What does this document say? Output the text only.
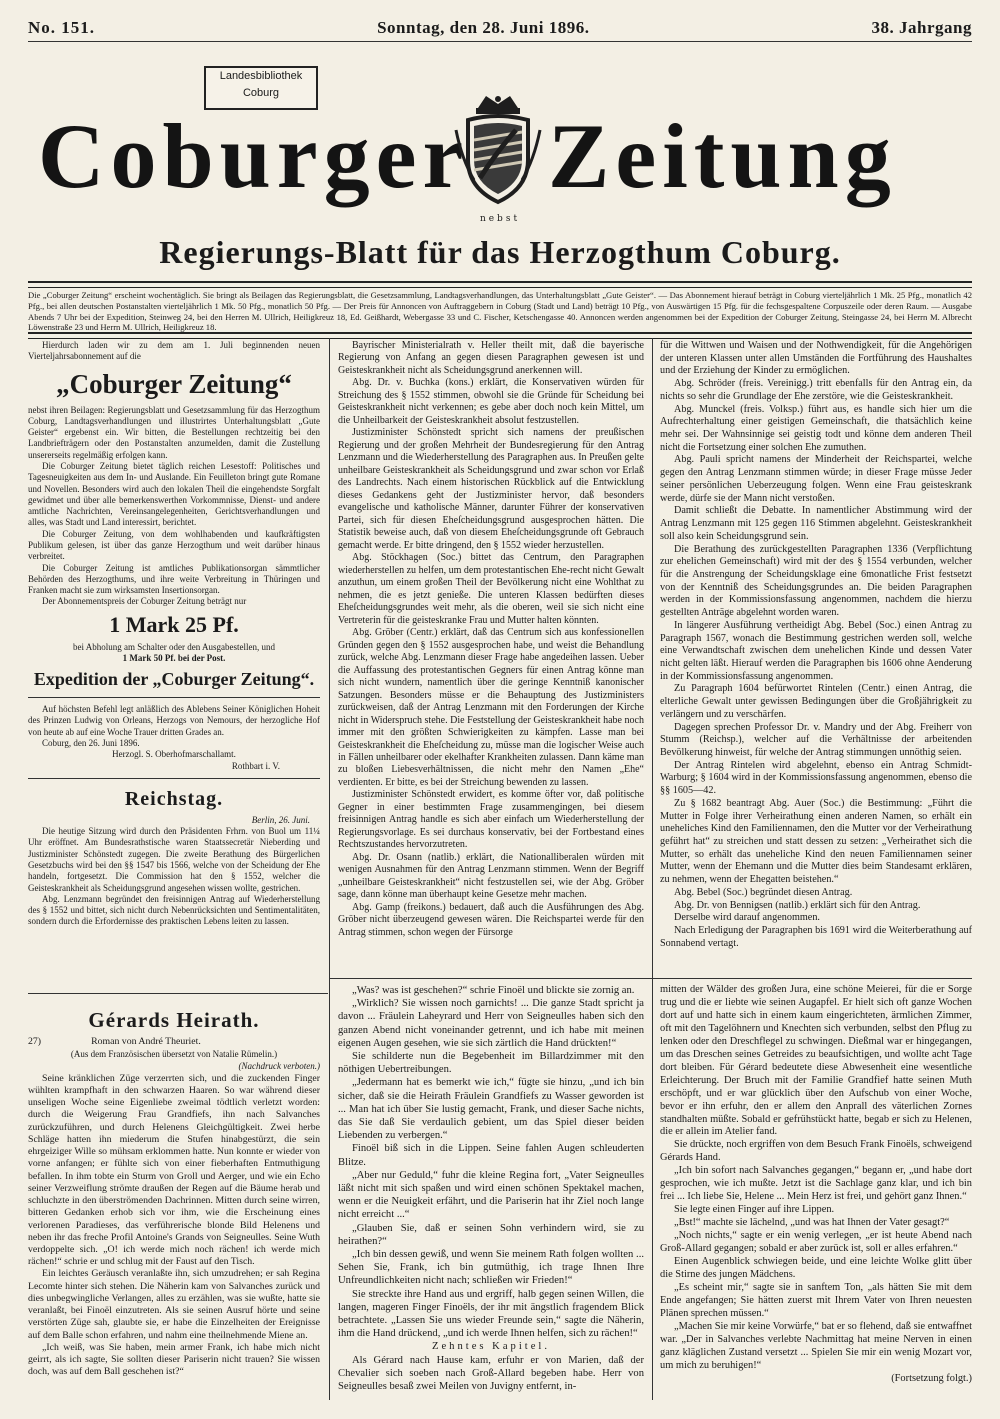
No. 151.	Sonntag, den 28. Juni 1896.	38. Jahrgang
Landesbibliothek
Coburg
Coburger Zeitung
nebst
Regierungs-Blatt für das Herzogthum Coburg.
Die „Coburger Zeitung“ erscheint wochentäglich. Sie bringt als Beilagen das Regierungsblatt, die Gesetzsammlung, Landtagsverhandlungen, das Unterhaltungsblatt „Gute Geister“. — Das Abonnement hierauf beträgt in Coburg vierteljährlich 1 Mk. 25 Pfg., monatlich 42 Pfg., bei allen deutschen Postanstalten vierteljährlich 1 Mk. 50 Pfg., monatlich 50 Pfg. — Der Preis für Annoncen von Auftraggebern in Coburg (Stadt und Land) beträgt 10 Pfg., von Auswärtigen 15 Pfg. für die fechsgespaltene Corpuszeile oder deren Raum. — Ausgabe Abends 7 Uhr bei der Expedition, Steinweg 24, bei den Herren M. Ullrich, Heiligkreuz 18, Ed. Geißhardt, Webergasse 33 und C. Fischer, Ketschengasse 40. Annoncen werden angenommen bei der Expedition der Coburger Zeitung, Steingasse 24, bei Herrn M. Albrecht Löwenstraße 23 und Herrn M. Ullrich, Heiligkreuz 18.

Hierdurch laden wir zu dem am 1. Juli beginnenden neuen Vierteljahrsabonnement auf die

„Coburger Zeitung“

nebst ihren Beilagen: Regierungsblatt und Gesetzsammlung für das Herzogthum Coburg, Landtagsverhandlungen und illustrirtes Unterhaltungsblatt „Gute Geister“ ergebenst ein. Wir bitten, die Bestellungen rechtzeitig bei den Landbriefträgern oder den Postanstalten anzumelden, damit die Zustellung unsererseits regelmäßig erfolgen kann.

Die Coburger Zeitung bietet täglich reichen Lesestoff: Politisches und Tagesneuigkeiten aus dem In- und Auslande. Ein Feuilleton bringt gute Romane und Novellen. Besonders wird auch den lokalen Theil die eingehendste Sorgfalt gewidmet und über alle bemerkenswerthen Vorkommnisse, Dienst- und andere amtliche Nachrichten, Vereinsangelegenheiten, Gerichtsverhandlungen und alles, was Stadt und Land interessirt, berichtet.

Die Coburger Zeitung, von dem wohlhabenden und kaufkräftigsten Publikum gelesen, ist über das ganze Herzogthum und weit darüber hinaus verbreitet.

Die Coburger Zeitung ist amtliches Publikationsorgan sämmtlicher Behörden des Herzogthums, und ihre weite Verbreitung in Thüringen und Franken macht sie zum wirksamsten Insertionsorgan.

Der Abonnementspreis der Coburger Zeitung beträgt nur

1 Mark 25 Pf.
bei Abholung am Schalter oder den Ausgabestellen, und
1 Mark 50 Pf. bei der Post.
Expedition der „Coburger Zeitung“.

Auf höchsten Befehl legt anläßlich des Ablebens Seiner Königlichen Hoheit des Prinzen Ludwig von Orleans, Herzogs von Nemours, der herzogliche Hof von heute ab auf eine Woche Trauer dritten Grades an.

Coburg, den 26. Juni 1896.

Herzogl. S. Oberhofmarschallamt.
Rothbart i. V.
Reichstag.
Berlin, 26. Juni.

Die heutige Sitzung wird durch den Präsidenten Frhrn. von Buol um 11¼ Uhr eröffnet. Am Bundesrathstische waren Staatssecretär Nieberding und Justizminister Schönstedt zugegen. Die zweite Berathung des Bürgerlichen Gesetzbuchs wird bei den §§ 1547 bis 1566, welche von der Scheidung der Ehe handeln, fortgesetzt. Die Commission hat den § 1552, welcher die Geisteskrankheit als Scheidungsgrund angesehen wissen wollte, gestrichen.

Abg. Lenzmann begründet den freisinnigen Antrag auf Wiederherstellung des § 1552 und bittet, sich nicht durch Nebenrücksichten und Sentimentalitäten, sondern durch die Erfordernisse des praktischen Lebens leiten zu lassen.

Bayrischer Ministerialrath v. Heller theilt mit, daß die bayerische Regierung von Anfang an gegen diesen Paragraphen gewesen ist und Geisteskrankheit nicht als Scheidungsgrund anerkennen will.

Abg. Dr. v. Buchka (kons.) erklärt, die Konservativen würden für Streichung des § 1552 stimmen, obwohl sie die Gründe für Scheidung bei Geisteskrankheit nicht verkennen; es gebe aber doch noch kein Mittel, um die Unheilbarkeit der Geisteskrankheit absolut festzustellen.

Justizminister Schönstedt spricht sich namens der preußischen Regierung und der großen Mehrheit der Bundesregierung für den Antrag Lenzmann und die Wiederherstellung des Paragraphen aus. In Preußen gelte unheilbare Geisteskrankheit als Scheidungsgrund und zwar schon vor Erlaß des Landrechts. Nach einem historischen Rückblick auf die Entwicklung dieses Gedankens geht der Justizminister hervor, daß besonders evangelische und katholische Männer, darunter Führer der konservativen Partei, sich für diesen Eheſcheidungsgrund ausgesprochen hätten. Die Statistik beweise auch, daß von diesem Eheſcheidungsgrunde oft Gebrauch gemacht werde. Er bitte dringend, den § 1552 wieder herzustellen.

Abg. Stöckhagen (Soc.) bittet das Centrum, den Paragraphen wiederherstellen zu helfen, um dem protestantischen Ehe-recht nicht Gewalt anzuthun, um einem großen Theil der Bevölkerung nicht eine Wohlthat zu nehmen, die es jetzt genieße. Die unteren Klassen bedürften dieses Eheſcheidungsgrundes weit mehr, als die oberen, weil sie sich nicht eine Vertreterin für die geisteskranke Frau und Mutter halten könnten.

Abg. Gröber (Centr.) erklärt, daß das Centrum sich aus konfessionellen Gründen gegen den § 1552 ausgesprochen habe, und weist die Behandlung zurück, welche Abg. Lenzmann dieser Frage habe angedeihen lassen. Ueber die Auffassung des protestantischen Gegners für einen Antrag könne man sich nicht wundern, namentlich über die geringe Kenntniß kanonischer Satzungen. Besonders müsse er die Behauptung des Justizministers zurückweisen, daß der Antrag Lenzmann mit den Forderungen der Kirche nicht in Widerspruch stehe. Die Feststellung der Geisteskrankheit habe noch immer mit den größten Schwierigkeiten zu kämpfen. Lasse man bei Geisteskrankheit die Eheſcheidung zu, müsse man die logischer Weise auch in Fällen unheilbarer oder ekelhafter Krankheiten zulassen. Dann käme man zu bloßen Liebesverhältnissen, die nicht mehr den Namen „Ehe“ verdienten. Er bitte, es bei der Streichung bewenden zu lassen.

Justizminister Schönstedt erwidert, es komme öfter vor, daß politische Gegner in einer bestimmten Frage zusammengingen, bei diesem freisinnigen Antrag handle es sich aber einfach um Wiederherstellung der Regierungsvorlage. Es sei durchaus konservativ, bei der Fortbestand eines Rechtszustandes hervorzutreten.

Abg. Dr. Osann (natlib.) erklärt, die Nationalliberalen würden mit wenigen Ausnahmen für den Antrag Lenzmann stimmen. Wenn der Begriff „unheilbare Geisteskrankheit“ nicht festzustellen sei, wie der Abg. Gröber sage, dann könne man überhaupt keine Gesetze mehr machen.

Abg. Gamp (freikons.) bedauert, daß auch die Ausführungen des Abg. Gröber nicht überzeugend gewesen wären. Die Reichspartei werde für den Antrag stimmen, schon wegen der Fürsorge

für die Wittwen und Waisen und der Nothwendigkeit, für die Angehörigen der unteren Klassen unter allen Umständen die Fortführung des Haushaltes und der Erziehung der Kinder zu ermöglichen.

Abg. Schröder (freis. Vereinigg.) tritt ebenfalls für den Antrag ein, da nichts so sehr die Grundlage der Ehe zerstöre, wie die Geisteskrankheit.

Abg. Munckel (freis. Volksp.) führt aus, es handle sich hier um die Aufrechterhaltung einer geistigen Gemeinschaft, die thatsächlich keine mehr sei. Der Wahnsinnige sei geistig todt und könne dem anderen Theil nicht die Fortsetzung einer solchen Ehe zumuthen.

Abg. Pauli spricht namens der Minderheit der Reichspartei, welche gegen den Antrag Lenzmann stimmen würde; in dieser Frage müsse Jeder seiner persönlichen Ueberzeugung folgen. Wenn eine Frau geisteskrank werde, dürfe sie der Mann nicht verstoßen.

Damit schließt die Debatte. In namentlicher Abstimmung wird der Antrag Lenzmann mit 125 gegen 116 Stimmen abgelehnt. Geisteskrankheit soll also kein Scheidungsgrund sein.

Die Berathung des zurückgestellten Paragraphen 1336 (Verpflichtung zur ehelichen Gemeinschaft) wird mit der des § 1554 verbunden, welcher für die Anstrengung der Scheidungsklage eine 6monatliche Frist festsetzt von der Kenntniß des Scheidungsgrundes an. Die beiden Paragraphen werden in der Kommissionsfassung angenommen, nachdem die hierzu gestellten Anträge abgelehnt worden waren.

In längerer Ausführung vertheidigt Abg. Bebel (Soc.) einen Antrag zu Paragraph 1567, wonach die Bestimmung gestrichen werden soll, welche eine Verwandtschaft zwischen dem unehelichen Kinde und dessen Vater nicht gelten läßt. Hierauf werden die Paragraphen bis 1606 ohne Aenderung in der Kommissionsfassung angenommen.

Zu Paragraph 1604 befürwortet Rintelen (Centr.) einen Antrag, die elterliche Gewalt unter gewissen Bedingungen über die Großjährigkeit zu verlängern und zu verschärfen.

Dagegen sprechen Professor Dr. v. Mandry und der Abg. Freiherr von Stumm (Reichsp.), welcher auf die Verhältnisse der arbeitenden Bevölkerung hinweist, für welche der Antrag stimmungen unnöthig seien.

Der Antrag Rintelen wird abgelehnt, ebenso ein Antrag Schmidt-Warburg; § 1604 wird in der Kommissionsfassung angenommen, ebenso die §§ 1605—42.

Zu § 1682 beantragt Abg. Auer (Soc.) die Bestimmung: „Führt die Mutter in Folge ihrer Verheirathung einen anderen Namen, so erhält ein uneheliches Kind den Familiennamen, den die Mutter vor der Verheirathung geführt hat“ zu streichen und statt dessen zu setzen: „Verheirathet sich die Mutter, so erhält das uneheliche Kind den neuen Familiennamen seiner Mutter, wenn der Ehemann und die Mutter dies beim Standesamt erklären, zu nehmen, wenn der Ehegatten beistehen.“

Abg. Bebel (Soc.) begründet diesen Antrag.

Abg. Dr. von Bennigsen (natlib.) erklärt sich für den Antrag.

Derselbe wird darauf angenommen.

Nach Erledigung der Paragraphen bis 1691 wird die Weiterberathung auf Sonnabend vertagt.

Gérards Heirath.
27)	Roman von André Theuriet.
(Aus dem Französischen übersetzt von Natalie Rümelin.)
(Nachdruck verboten.)

Seine kränklichen Züge verzerrten sich, und die zuckenden Finger wühlten krampfhaft in den schwarzen Haaren. So war während dieser unseligen Woche seine Eigenliebe zweimal tödtlich verletzt worden: durch die Weigerung Frau Grandfiefs, ihn nach Salvanches zurückzuführen, und durch Helenens Gleichgültigkeit. Zwei herbe Schläge hatten ihn miederum die Stufen hinabgestürzt, die sein ehrgeiziger Wille so mühsam erklommen hatte. Nun konnte er wieder von vorne anfangen; er fühlte sich von einer fieberhaften Entmuthigung befallen. In ihm tobte ein Sturm von Groll und Aerger, und wie ein Echo seiner Verzweiflung strömte draußen der Regen auf die Bäume herab und schluchzte in den überströmenden Dachrinnen. Mitten durch seine wirren, bitteren Gedanken erhob sich vor ihm, wie die Erscheinung eines verlorenen Paradieses, das verführerische blonde Bild Helenens und neben ihr das freche Profil Antoine's Grands von Seigneulles. Seine Wuth verdoppelte sich. „O! ich werde mich noch rächen! ich werde mich rächen!“ schrie er und schlug mit der Faust auf den Tisch.

Ein leichtes Geräusch veranlaßte ihn, sich umzudrehen; er sah Regina Lecomte hinter sich stehen. Die Näherin kam von Salvanches zurück und dies unbegwingliche Verlangen, alles zu erzählen, was sie wußte, hatte sie veranlaßt, bei Finoël einzutreten. Als sie seinen Ausruf hörte und seine verstörten Züge sah, glaubte sie, er habe die Einzelheiten der Ereignisse auf dem Balle schon erfahren, und nahm eine theilnehmende Miene an.

„Ich weiß, was Sie haben, mein armer Frank, ich habe mich nicht geirrt, als ich sagte, Sie sollten dieser Pariserin nicht trauen? Sie wissen doch, was auf dem Ball geschehen ist?“

„Was? was ist geschehen?“ schrie Finoël und blickte sie zornig an.

„Wirklich? Sie wissen noch garnichts! ... Die ganze Stadt spricht ja davon ... Fräulein Laheyrard und Herr von Seigneulles haben sich den ganzen Abend nicht voneinander getrennt, und ich habe mit meinen eigenen Augen gesehen, wie sie sich zärtlich die Hand drückten!“

Sie schilderte nun die Begebenheit im Billardzimmer mit den nöthigen Uebertreibungen.

„Jedermann hat es bemerkt wie ich,“ fügte sie hinzu, „und ich bin sicher, daß sie die Heirath Fräulein Grandfiefs zu Wasser geworden ist ... Man hat ich über Sie lustig gemacht, Frank, und dieser Sache nichts, das Sie daß Sie verdaulich gebient, um das Spiel dieser beiden Liebenden zu verbergen.“

Finoël biß sich in die Lippen. Seine fahlen Augen schleuderten Blitze.

„Aber nur Geduld,“ fuhr die kleine Regina fort, „Vater Seigneulles läßt nicht mit sich spaßen und wird einen schönen Spektakel machen, wenn er die Neuigkeit erfährt, und die Pariserin hat ihr Ziel noch lange nicht erreicht ...“

„Glauben Sie, daß er seinen Sohn verhindern wird, sie zu heirathen?“

„Ich bin dessen gewiß, und wenn Sie meinem Rath folgen wollten ... Sehen Sie, Frank, ich bin gutmüthig, ich trage Ihnen Ihre Unfreundlichkeiten nicht nach; schließen wir Frieden!“

Sie streckte ihre Hand aus und ergriff, halb gegen seinen Willen, die langen, mageren Finger Finoëls, der ihr mit ängstlich fragendem Blick betrachtete. „Lassen Sie uns wieder Freunde sein,“ sagte die Näherin, ihm die Hand drückend, „und ich werde Ihnen helfen, sich zu rächen!“

Zehntes Kapitel.

Als Gérard nach Hause kam, erfuhr er von Marien, daß der Chevalier sich soeben nach Groß-Allard begeben habe. Herr von Seigneulles besaß zwei Meilen von Juvigny entfernt, in-

mitten der Wälder des großen Jura, eine schöne Meierei, für die er Sorge trug und die er liebte wie seinen Augapfel. Er hielt sich oft ganze Wochen dort auf und hatte sich in einem kaum eingerichteten, ärmlichen Zimmer, oft mit den Tagelöhnern und Knechten sich verbunden, selbst den Pflug zu lenken oder den Dreschflegel zu schwingen. Dießmal war er hingegangen, um das Dreschen seines Getreides zu beaufsichtigen, und wollte acht Tage dort bleiben. Für Gérard bedeutete diese Abwesenheit eine wesentliche Erleichterung. Der Bruch mit der Familie Grandfief hatte seinen Muth erschöpft, und er war glücklich über den Aufschub von einer Woche, bevor er ihn erfuhr, den er allem den Anprall des väterlichen Zornes standhalten müßte. Sobald er gefrühstückt hatte, begab er sich zu Helenen, die er allein im Atelier fand.

Sie drückte, noch ergriffen von dem Besuch Frank Finoëls, schweigend Gérards Hand.

„Ich bin sofort nach Salvanches gegangen,“ begann er, „und habe dort gesprochen, wie ich mußte. Jetzt ist die Sachlage ganz klar, und ich bin frei ... Ich liebe Sie, Helene ... Mein Herz ist frei, und gehört ganz Ihnen.“

Sie legte einen Finger auf ihre Lippen.

„Bst!“ machte sie lächelnd, „und was hat Ihnen der Vater gesagt?“

„Noch nichts,“ sagte er ein wenig verlegen, „er ist heute Abend nach Groß-Allard gegangen; sobald er aber zurück ist, soll er alles erfahren.“

Einen Augenblick schwiegen beide, und eine leichte Wolke glitt über die Stirne des jungen Mädchens.

„Es scheint mir,“ sagte sie in sanftem Ton, „als hätten Sie mit dem Ende angefangen; Sie hätten zuerst mit Ihrem Vater von Ihren neuesten Plänen sprechen müssen.“

„Machen Sie mir keine Vorwürfe,“ bat er so flehend, daß sie entwaffnet war. „Der in Salvanches verlebte Nachmittag hat meine Nerven in einen ganz kläglichen Zustand versetzt ... Spielen Sie mir ein wenig Mozart vor, um mich zu beruhigen!“

(Fortsetzung folgt.)
